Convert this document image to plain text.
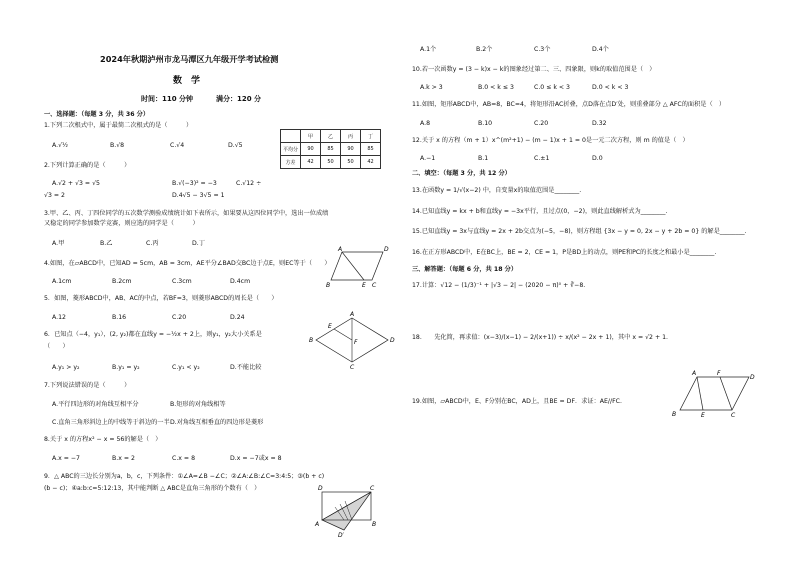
2024年秋期泸州市龙马潭区九年级开学考试检测
数　学
时间：110 分钟	满分：120 分
一、选择题：（每题 3 分，共 36 分）
1.下列二次根式中，属于最简二次根式的是（　　　）
A.√½	B.√8	C.√4	D.√5
2.下列计算正确的是（　　　）
A.√2 + √3 = √5	B.√(−3)² = −3	C.√12 ÷
√3 = 2	D.4√5 − 3√5 = 1
	甲	乙	丙	丁
平均分	90	85	90	85
方差	42	50	50	42
3.甲、乙、丙、丁四位同学的五次数学测验成绩统计如下表所示，如果要从这四位同学中，选出一位成绩
又稳定的同学参加数学竞赛，则应选的同学是（　　　）
A.甲	B.乙	C.丙	D.丁
4.如图，在▱ABCD中，已知AD = 5cm，AB = 3cm，AE平分∠BAD交BC边于点E，则EC等于（　　）
A.1cm	B.2cm	C.3cm	D.4cm
A	D
B	E C
5．如图，菱形ABCD中，AB、AC的中点，若BF=3，则菱形ABCD的周长是（　　）
A.12	B.16	C.20	D.24	A
B
C
D
E
F
6．已知点（−4，y₁），(2, y₂)都在直线y = −½x + 2上，则y₁，y₂大小关系是
（　　）
A.y₁ > y₂	B.y₁ = y₂	C.y₁ < y₂	D.不能比较
7.下列说法错误的是（　　　）
A.平行四边形的对角线互相平分	B.矩形的对角线相等
C.直角三角形斜边上的中线等于斜边的一半 D.对角线互相垂直的四边形是菱形
8.关于 x 的方程x² − x = 56的解是（　）
A.x = −7	B.x = 2	C.x = 8	D.x = −7或x = 8
9．△ ABC的三边长分别为a，b，c，下列条件：①∠A=∠B −∠C；②∠A:∠B:∠C=3:4:5；③(b + c)
(b − c)；④a:b:c=5:12:13，其中能判断 △ ABC是直角三角形的个数有（　）	D	C
A	B
D′
A.1个	B.2个	C.3个	D.4个
10.若一次函数y = (3 − k)x − k的图象经过第二、三、四象限，则k的取值范围是（　）
A.k > 3	B.0 < k ≤ 3	C.0 ≤ k < 3	D.0 < k < 3
11.如图，矩形ABCD中，AB=8，BC=4，将矩形沿AC折叠，点D落在点D′处，则重叠部分 △ AFC的面积是（　）
A.8	B.10	C.20	D.32
12.关于 x 的方程（m + 1）x^(m²+1) − (m − 1)x + 1 = 0是一元二次方程，则 m 的值是（　）
A.−1	B.1	C.±1	D.0
二、填空：（每题 3 分，共 12 分）
13.在函数y = 1/√(x−2) 中，自变量x的取值范围是________.
14.已知直线y = kx + b和直线y = −3x平行，且过点(0，−2)，则此直线解析式为________.
15.已知直线y = 3x与直线y = 2x + 2b交点为(−5，−8)，则方程组 {3x − y = 0, 2x − y + 2b = 0} 的解是________.
16.在正方形ABCD中，E在BC上，BE = 2，CE = 1，P是BD上的动点，则PE和PC的长度之和最小是________.
三、解答题：（每题 6 分，共 18 分）
17.计算：√12 − (1/3)⁻¹ + |√3 − 2| − (2020 − π)⁰ + ∛−8.
18.　　先化简，再求值：(x−3)/(x−1) − 2/(x+1)) ÷ x/(x² − 2x + 1)，其中 x = √2 + 1.
19.如图，▱ABCD中，E、F分别在BC，AD上，且BE = DF．求证：AE//FC.
A	F
D
B	E	C
